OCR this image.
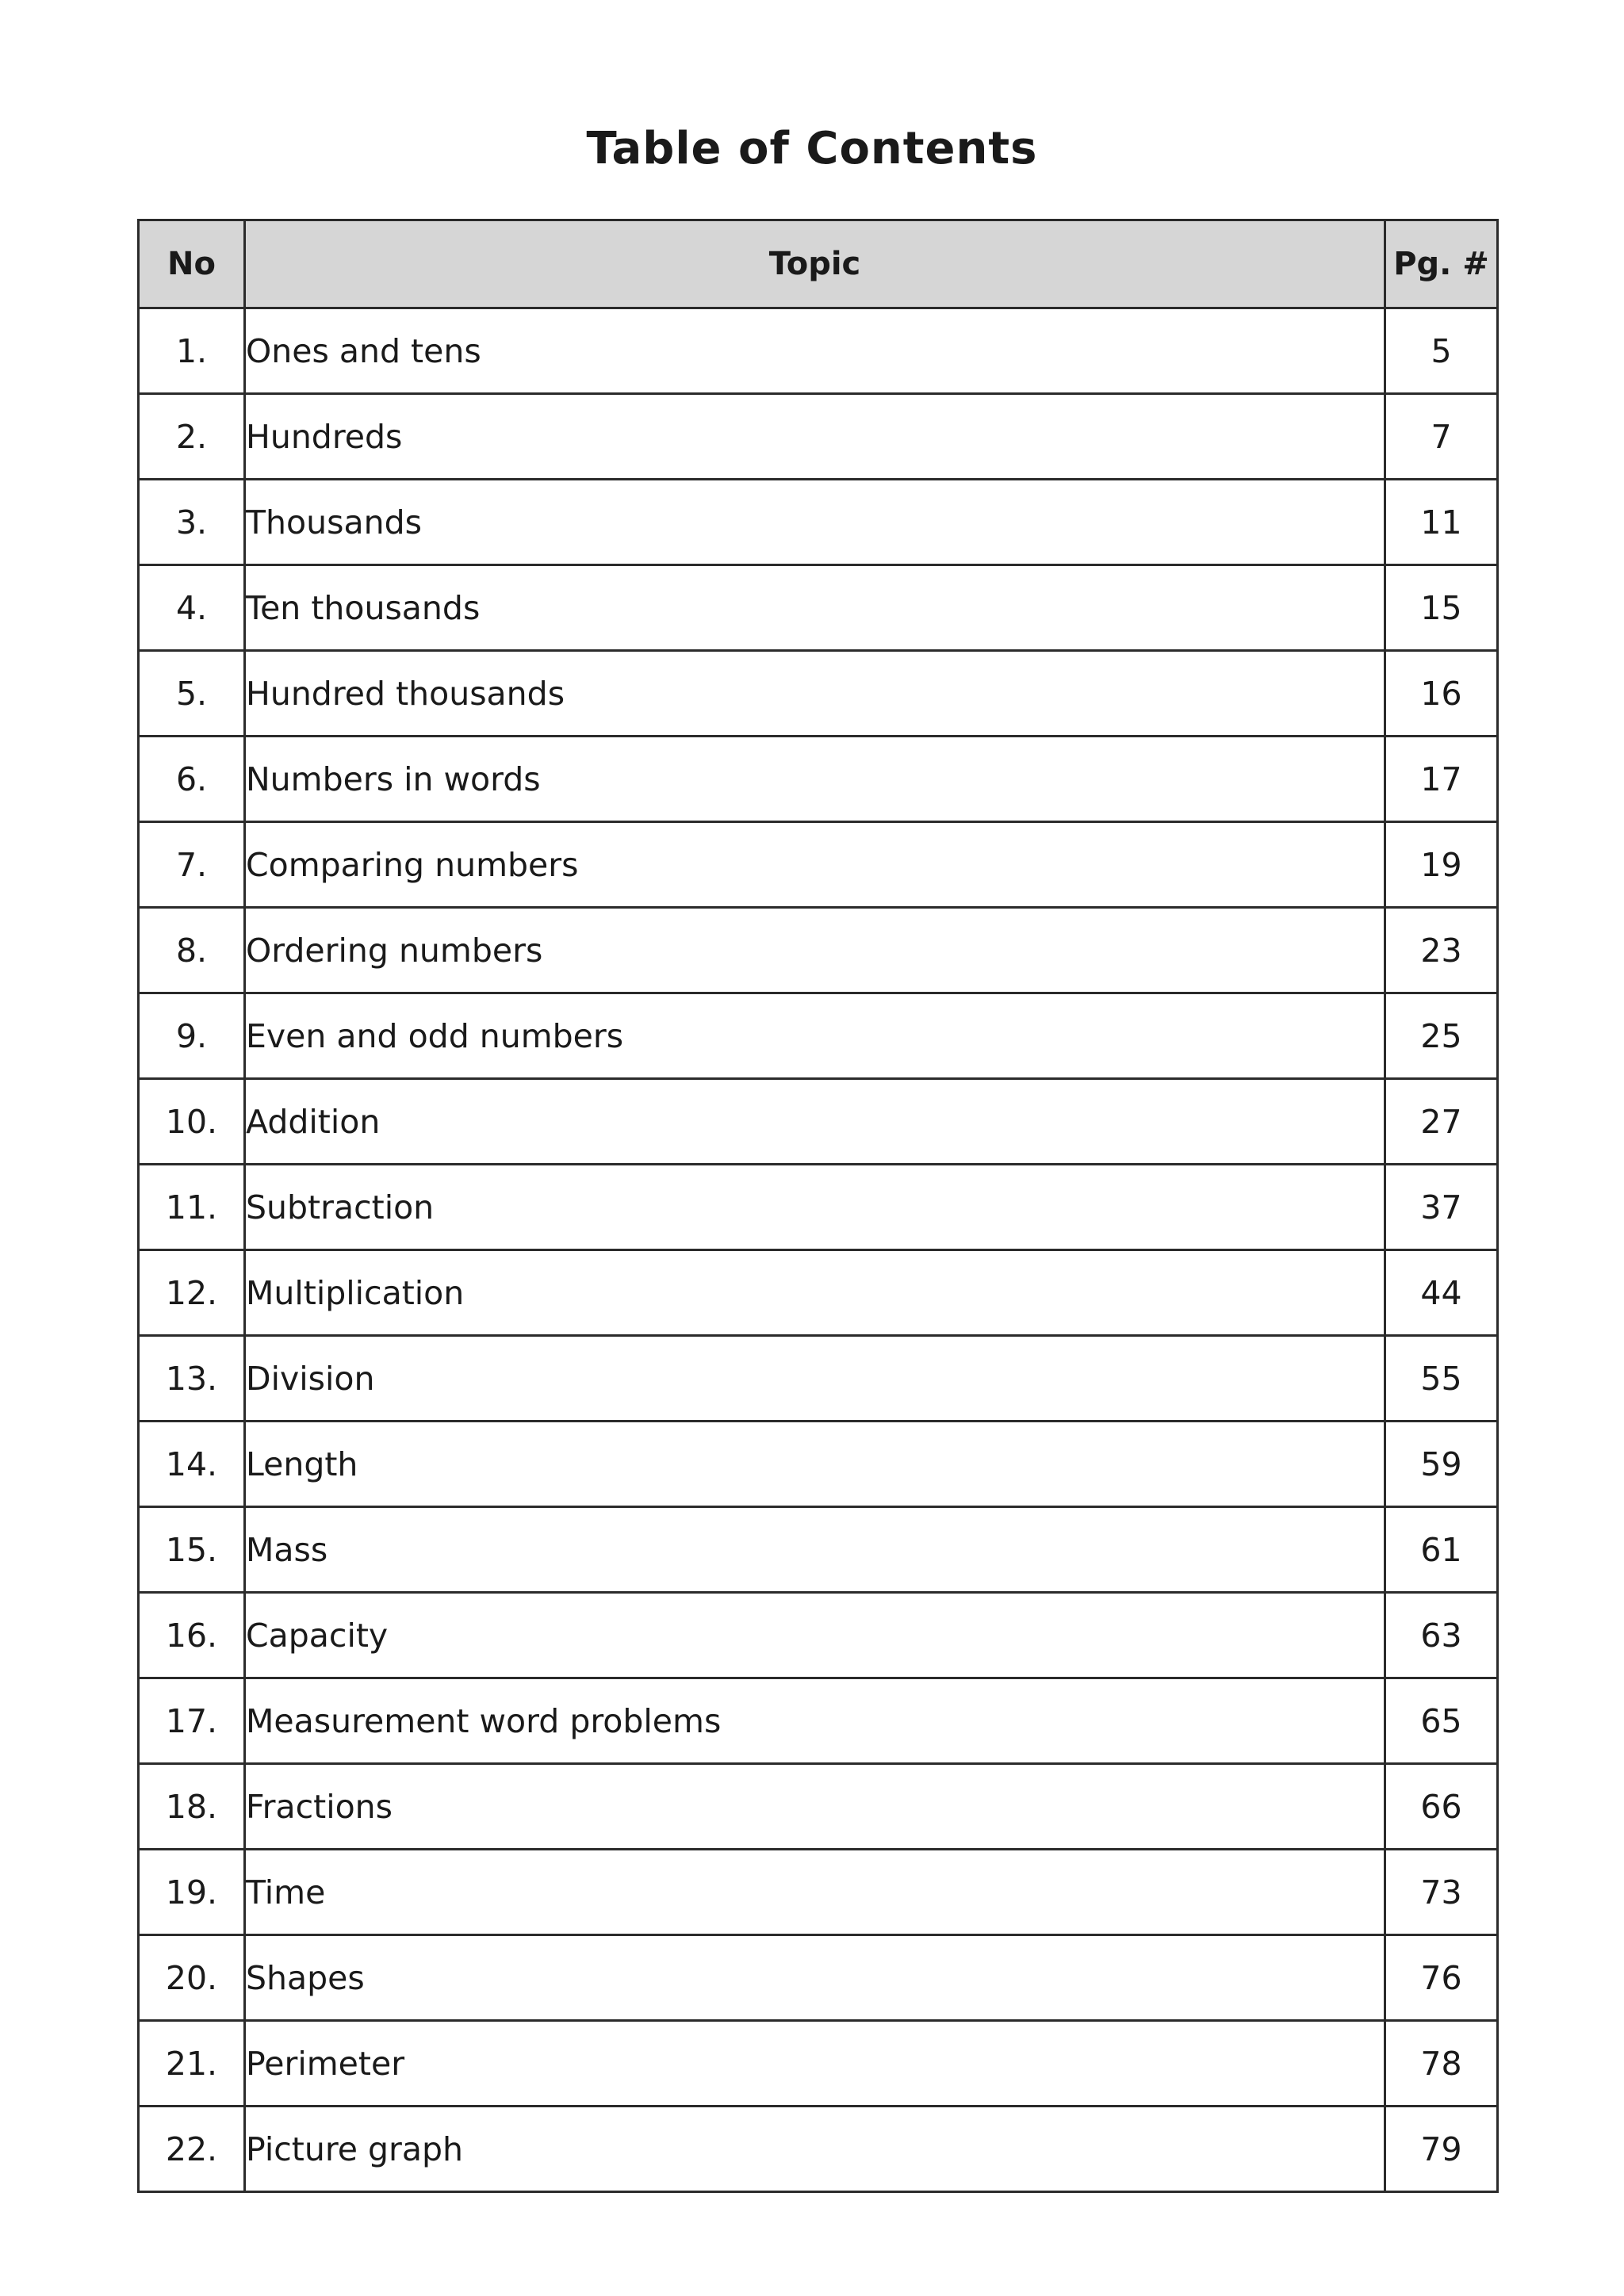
Table of Contents
No	Topic	Pg. #
1.	Ones and tens	5
2.	Hundreds	7
3.	Thousands	11
4.	Ten thousands	15
5.	Hundred thousands	16
6.	Numbers in words	17
7.	Comparing numbers	19
8.	Ordering numbers	23
9.	Even and odd numbers	25
10.	Addition	27
11.	Subtraction	37
12.	Multiplication	44
13.	Division	55
14.	Length	59
15.	Mass	61
16.	Capacity	63
17.	Measurement word problems	65
18.	Fractions	66
19.	Time	73
20.	Shapes	76
21.	Perimeter	78
22.	Picture graph	79
